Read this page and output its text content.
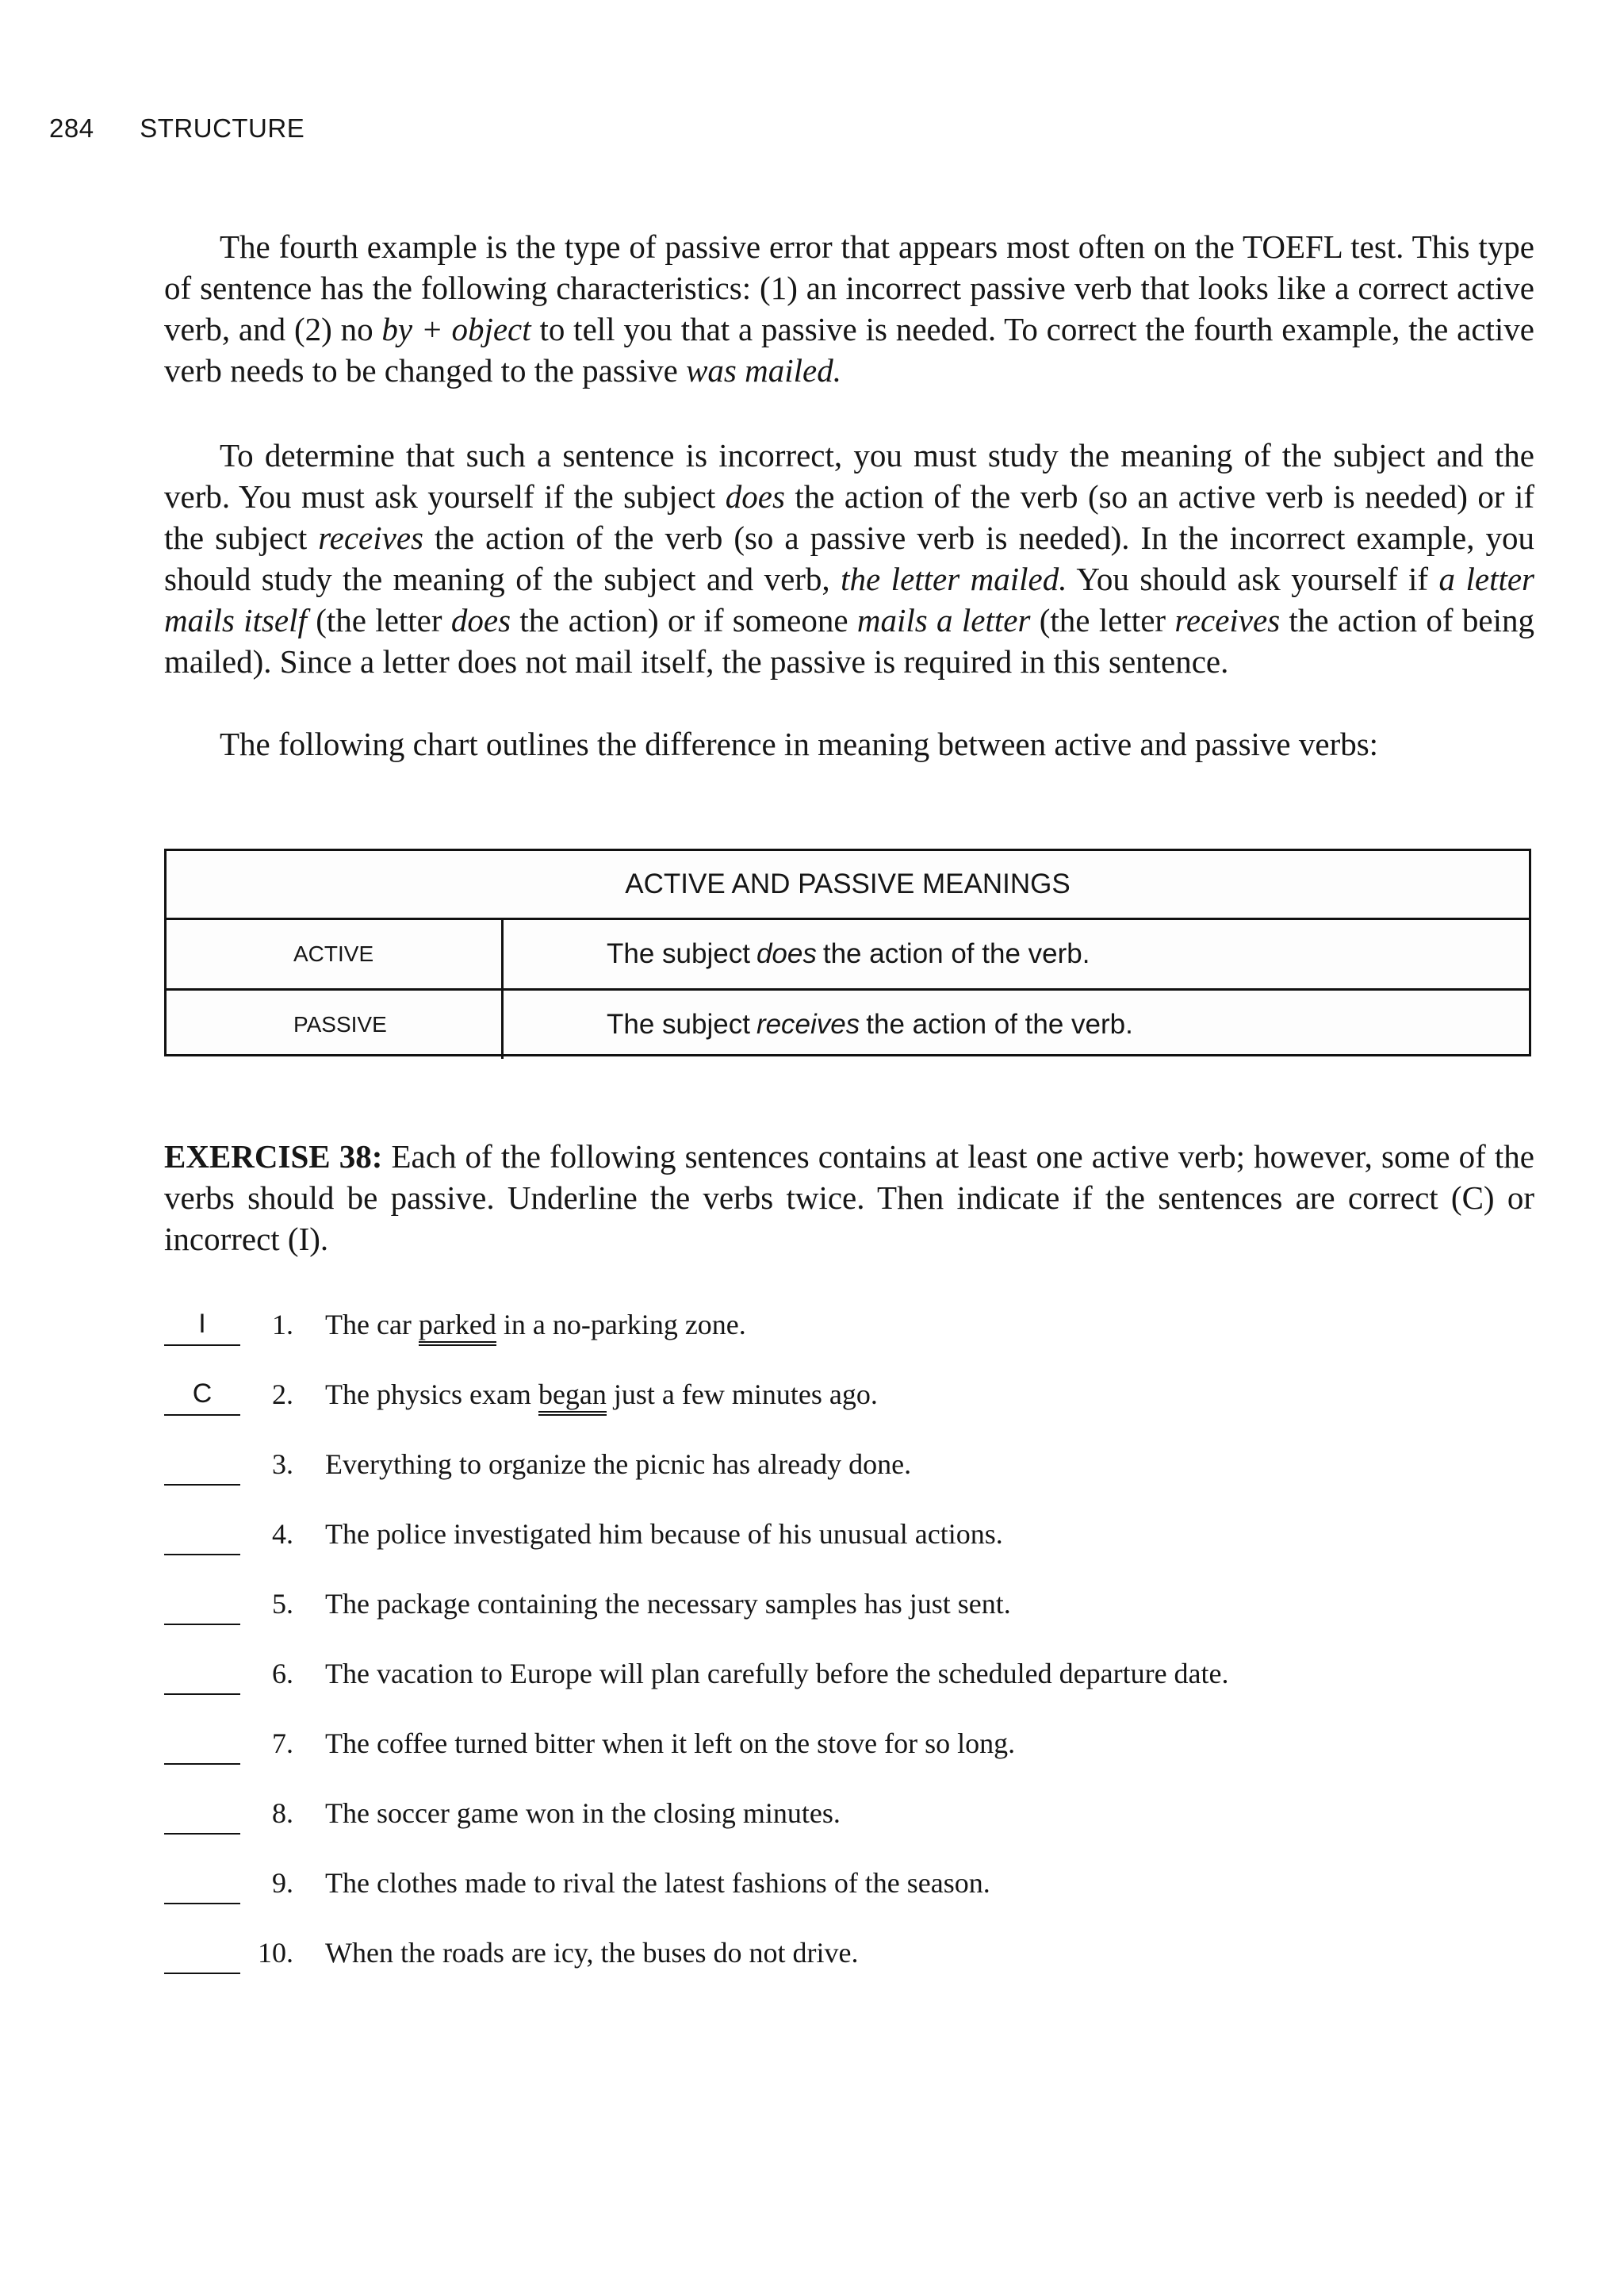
284 STRUCTURE

The fourth example is the type of passive error that appears most often on the TOEFL test. This type of sentence has the following characteristics: (1) an incorrect passive verb that looks like a correct active verb, and (2) no by + object to tell you that a passive is needed. To correct the fourth example, the active verb needs to be changed to the passive was mailed.

To determine that such a sentence is incorrect, you must study the meaning of the subject and the verb. You must ask yourself if the subject does the action of the verb (so an active verb is needed) or if the subject receives the action of the verb (so a passive verb is needed). In the incorrect example, you should study the meaning of the subject and verb, the letter mailed. You should ask yourself if a letter mails itself (the letter does the action) or if someone mails a letter (the letter receives the action of being mailed). Since a letter does not mail itself, the passive is required in this sentence.

The following chart outlines the difference in meaning between active and passive verbs:

ACTIVE AND PASSIVE MEANINGS
ACTIVE	The subject does the action of the verb.
PASSIVE	The subject receives the action of the verb.

EXERCISE 38: Each of the following sentences contains at least one active verb; however, some of the verbs should be passive. Underline the verbs twice. Then indicate if the sentences are correct (C) or incorrect (I).

I	1. The car parked in a no-parking zone.
C	2. The physics exam began just a few minutes ago.
3. Everything to organize the picnic has already done.
4. The police investigated him because of his unusual actions.
5. The package containing the necessary samples has just sent.
6. The vacation to Europe will plan carefully before the scheduled departure date.
7. The coffee turned bitter when it left on the stove for so long.
8. The soccer game won in the closing minutes.
9. The clothes made to rival the latest fashions of the season.
10. When the roads are icy, the buses do not drive.
